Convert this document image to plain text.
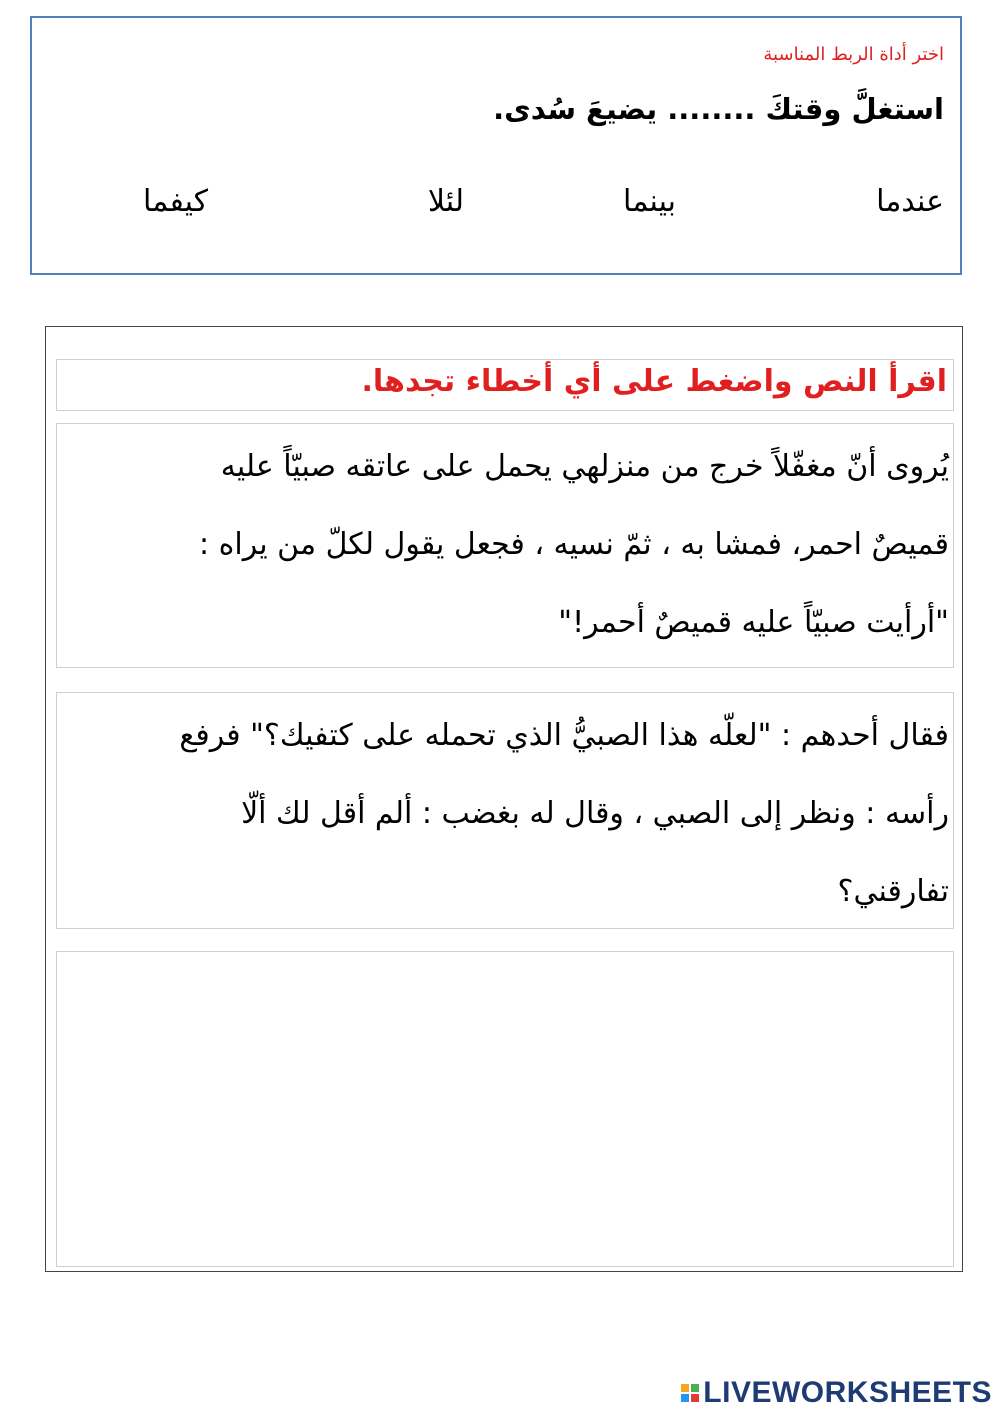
اختر أداة الربط المناسبة
استغلَّ وقتكَ ........ يضيعَ سُدى.
عندما
بينما
لئلا
كيفما
اقرأ النص واضغط على أي أخطاء تجدها.
يُروى أنّ مغفّلاً خرج من منزلهي يحمل على عاتقه صبيّاً عليه
قميصٌ احمر، فمشا به ، ثمّ نسيه ، فجعل يقول لكلّ من يراه :
"أرأيت صبيّاً عليه قميصٌ أحمر!"
فقال أحدهم : "لعلّه هذا الصبيُّ الذي تحمله على كتفيك؟" فرفع
رأسه : ونظر إلى الصبي ، وقال له بغضب : ألم أقل لك ألّا
تفارقني؟
LIVEWORKSHEETS
